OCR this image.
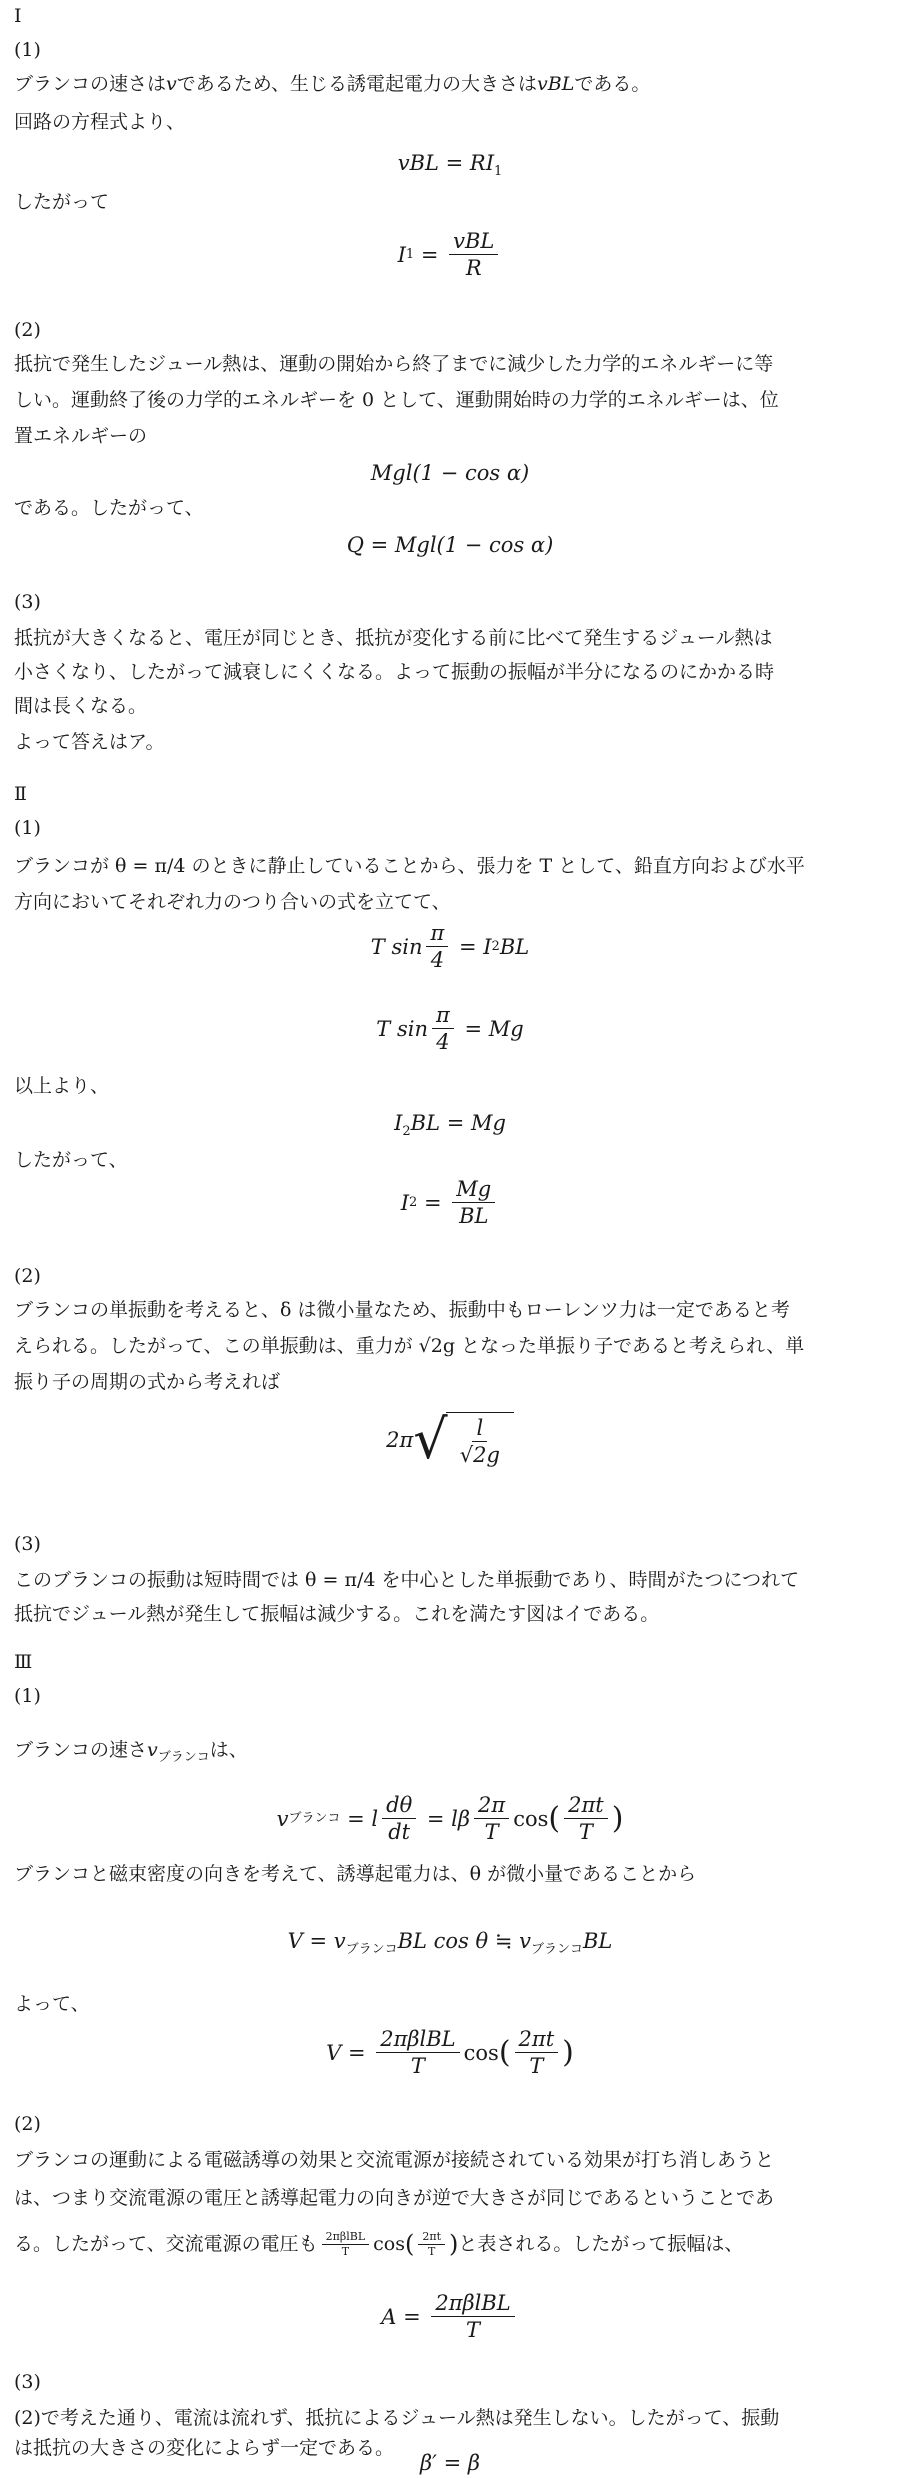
Ⅰ
(1)
ブランコの速さはvであるため、生じる誘電起電力の大きさはvBLである。
回路の方程式より、
vBL = $RI_1$
したがって
I $1 = \frac{\text{vBL}}{R}$
(2)
抵抗で発生したジュール熱は、運動の開始から終了までに減少した力学的エネルギーに等
しい。運動終了後の力学的エネルギーを 0 として、運動開始時の力学的エネルギーは、位
置エネルギーの
Mgl(1 − cos α)
である。したがって、
Q = Mgl(1 − cos α)
(3)
抵抗が大きくなると、電圧が同じとき、抵抗が変化する前に比べて発生するジュール熱は
小さくなり、したがって減衰しにくくなる。よって振動の振幅が半分になるのにかかる時
間は長くなる。
よって答えはア。
Ⅱ
(1)
ブランコが θ = π/4 のときに静止していることから、張力を T として、鉛直方向および水平
方向においてそれぞれ力のつり合いの式を立てて、
T $\sin \frac{\pi}{4} = I$ 2 BL
T $\sin \frac{\pi}{4} = Mg$
以上より、
$I_2BL = Mg$
したがって、
I $2 = \frac{Mg}{BL}$
(2)
ブランコの単振動を考えると、δ は微小量なため、振動中もローレンツ力は一定であると考
えられる。したがって、この単振動は、重力が √2g となった単振り子であると考えられ、単
振り子の周期の式から考えれば
2π √ $\frac{l}{√2g}$
(3)
このブランコの振動は短時間では θ = π/4 を中心とした単振動であり、時間がたつにつれて
抵抗でジュール熱が発生して振幅は減少する。これを満たす図はイである。
Ⅲ
(1)
ブランコの速さ$v_{ブランコ}$は、
v ブランコ = l $\frac{d\theta}{dt} = l\beta \frac{2\pi}{T}$ cos ( $\frac{2\pi t}{T}$ )
ブランコと磁束密度の向きを考えて、誘導起電力は、θ が微小量であることから
$V = v_{ブランコ}BL$ cos θ ≒ $v_{ブランコ}BL$
よって、
$V = \frac{\text{2πβlBL}}{T}$ cos ( $\frac{2\pi t}{T}$ )
(2)
ブランコの運動による電磁誘導の効果と交流電源が接続されている効果が打ち消しあうと
は、つまり交流電源の電圧と誘導起電力の向きが逆で大きさが同じであるということであ
る。したがって、交流電源の電圧も $\frac{\text{2πβlBL}}{T}$ cos ( $\frac{2\pi t}{T}$ ) と表される。したがって振幅は、
$A = \frac{\text{2πβlBL}}{T}$
(3)
(2)で考えた通り、電流は流れず、抵抗によるジュール熱は発生しない。したがって、振動
は抵抗の大きさの変化によらず一定である。
β′ = β
